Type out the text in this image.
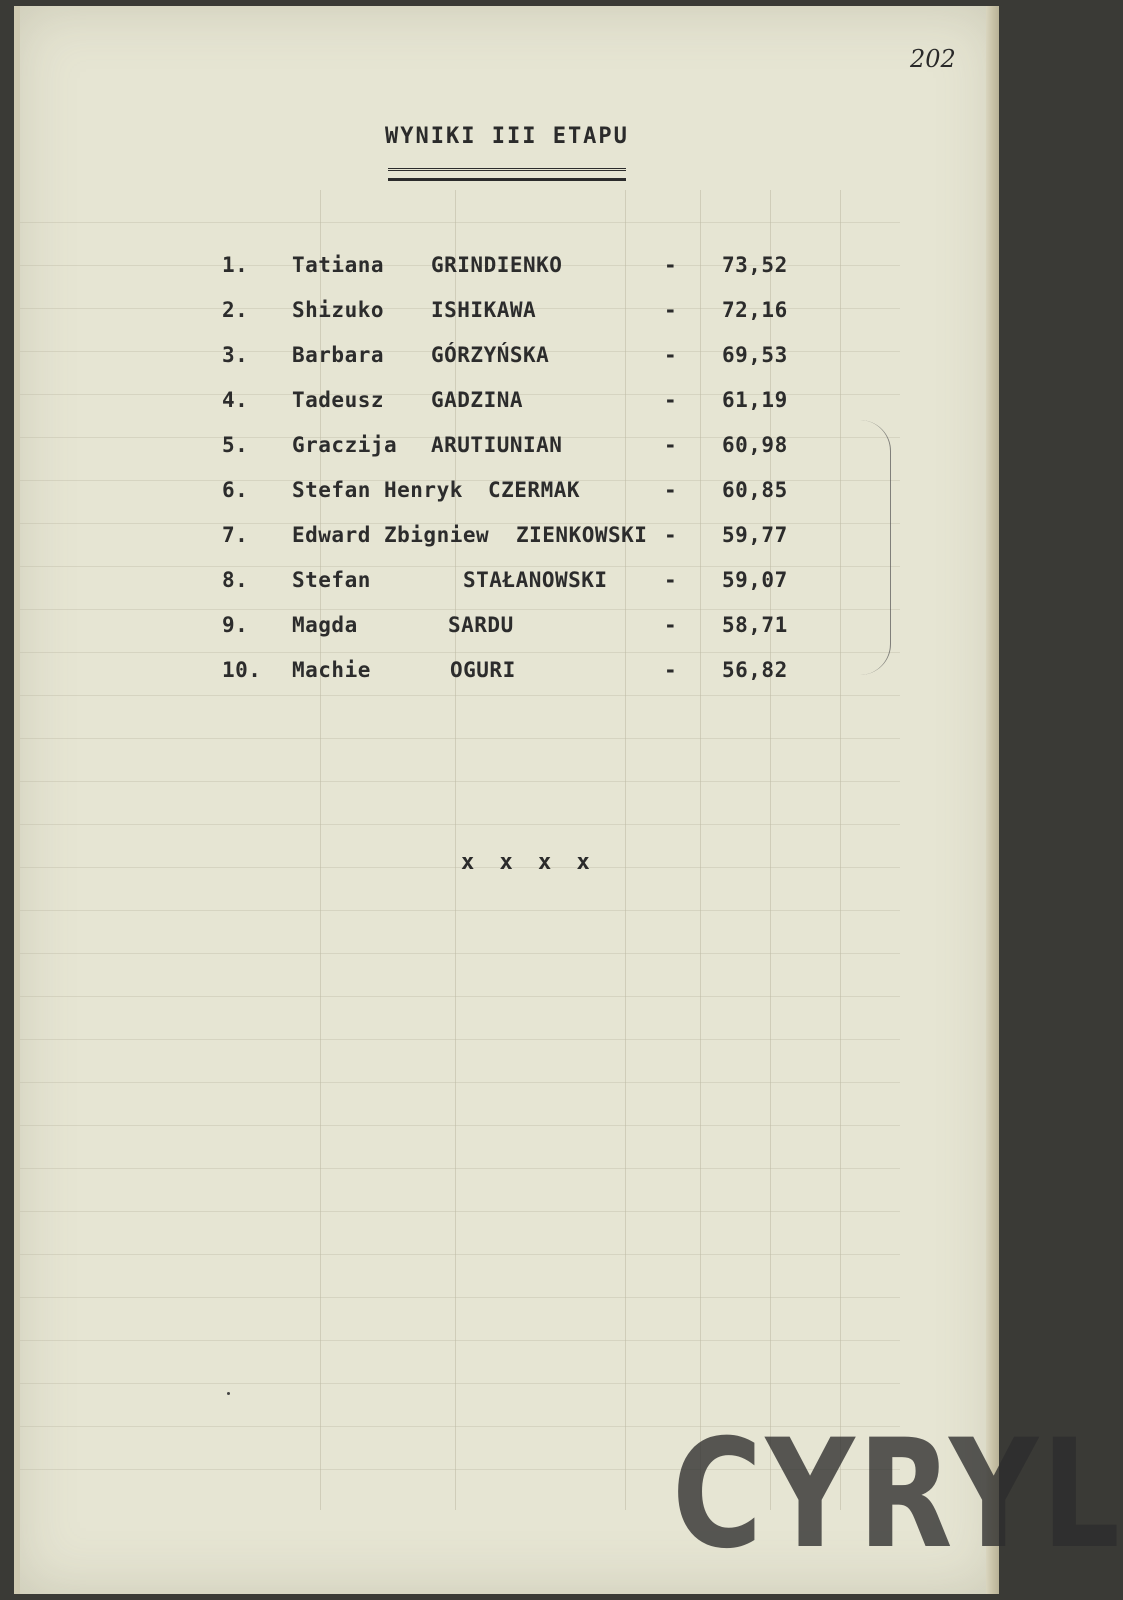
202
WYNIKI III ETAPU
1. Tatiana GRINDIENKO	- 73,52
2. Shizuko ISHIKAWA	- 72,16
3. Barbara GÓRZYŃSKA	- 69,53
4. Tadeusz GADZINA	- 61,19
5. Graczija ARUTIUNIAN	- 60,98
6. Stefan Henryk CZERMAK	- 60,85
7. Edward Zbigniew ZIENKOWSKI - 59,77
8. Stefan	STAŁANOWSKI	- 59,07
9. Magda	SARDU	- 58,71
10. Machie	OGURI	- 56,82
x x x x
CYRYL
